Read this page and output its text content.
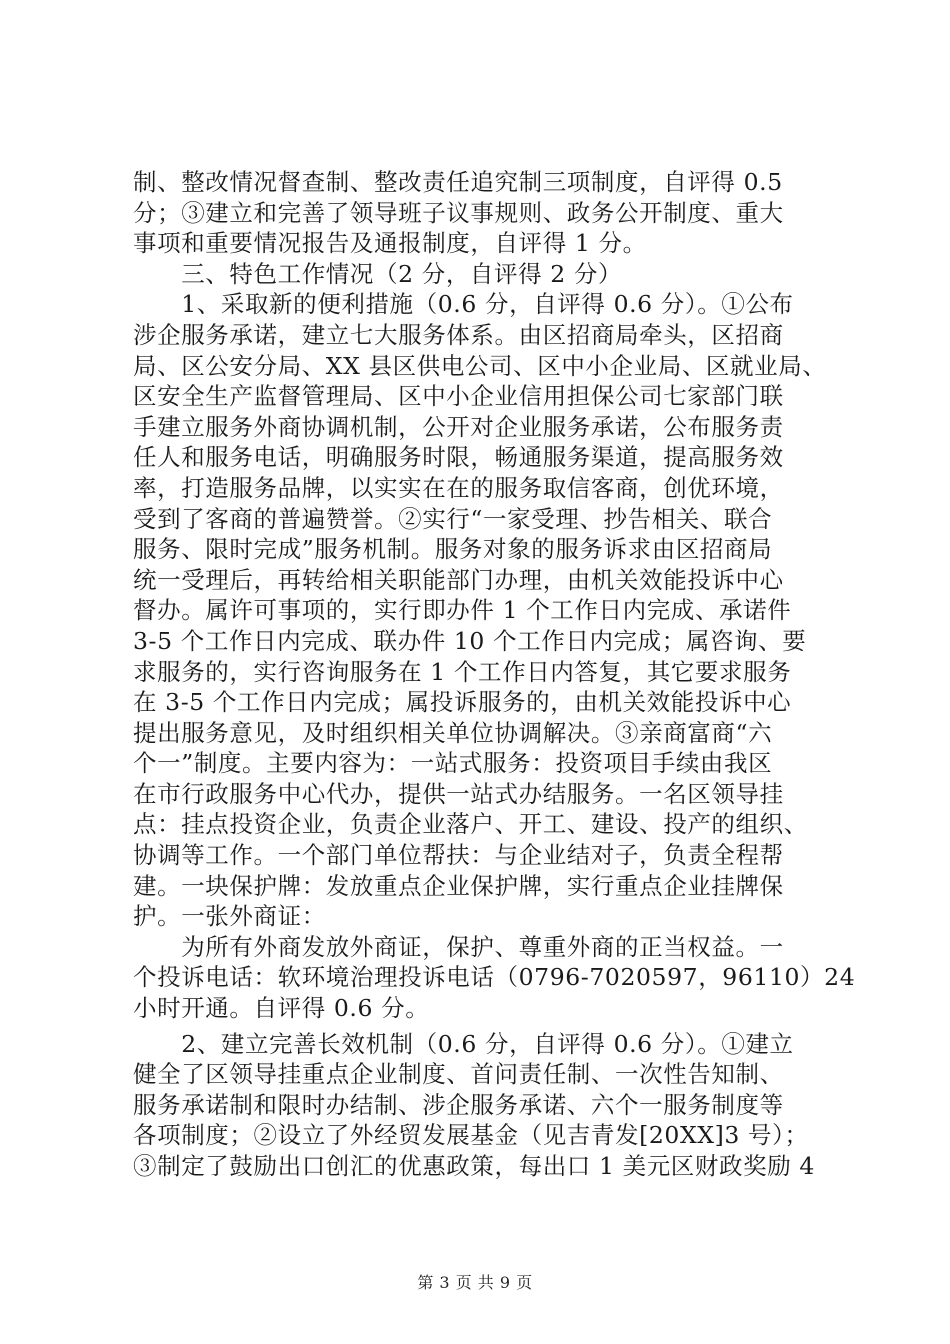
制、整改情况督查制、整改责任追究制三项制度，自评得 0.5
分；③建立和完善了领导班子议事规则、政务公开制度、重大
事项和重要情况报告及通报制度，自评得 1 分。
　　三、特色工作情况（2 分，自评得 2 分）
　　1、采取新的便利措施（0.6 分，自评得 0.6 分）。①公布
涉企服务承诺，建立七大服务体系。由区招商局牵头，区招商
局、区公安分局、XX 县区供电公司、区中小企业局、区就业局、
区安全生产监督管理局、区中小企业信用担保公司七家部门联
手建立服务外商协调机制，公开对企业服务承诺，公布服务责
任人和服务电话，明确服务时限，畅通服务渠道，提高服务效
率，打造服务品牌，以实实在在的服务取信客商，创优环境，
受到了客商的普遍赞誉。②实行“一家受理、抄告相关、联合
服务、限时完成”服务机制。服务对象的服务诉求由区招商局
统一受理后，再转给相关职能部门办理，由机关效能投诉中心
督办。属许可事项的，实行即办件 1 个工作日内完成、承诺件
3-5 个工作日内完成、联办件 10 个工作日内完成；属咨询、要
求服务的，实行咨询服务在 1 个工作日内答复，其它要求服务
在 3-5 个工作日内完成；属投诉服务的，由机关效能投诉中心
提出服务意见，及时组织相关单位协调解决。③亲商富商“六
个一”制度。主要内容为：一站式服务：投资项目手续由我区
在市行政服务中心代办，提供一站式办结服务。一名区领导挂
点：挂点投资企业，负责企业落户、开工、建设、投产的组织、
协调等工作。一个部门单位帮扶：与企业结对子，负责全程帮
建。一块保护牌：发放重点企业保护牌，实行重点企业挂牌保
护。一张外商证：
　　为所有外商发放外商证，保护、尊重外商的正当权益。一
个投诉电话：软环境治理投诉电话（0796-7020597，96110）24
小时开通。自评得 0.6 分。
　　2、建立完善长效机制（0.6 分，自评得 0.6 分）。①建立
健全了区领导挂重点企业制度、首问责任制、一次性告知制、
服务承诺制和限时办结制、涉企服务承诺、六个一服务制度等
各项制度；②设立了外经贸发展基金（见吉青发[20XX]3 号）；
③制定了鼓励出口创汇的优惠政策，每出口 1 美元区财政奖励 4
第 3 页 共 9 页
